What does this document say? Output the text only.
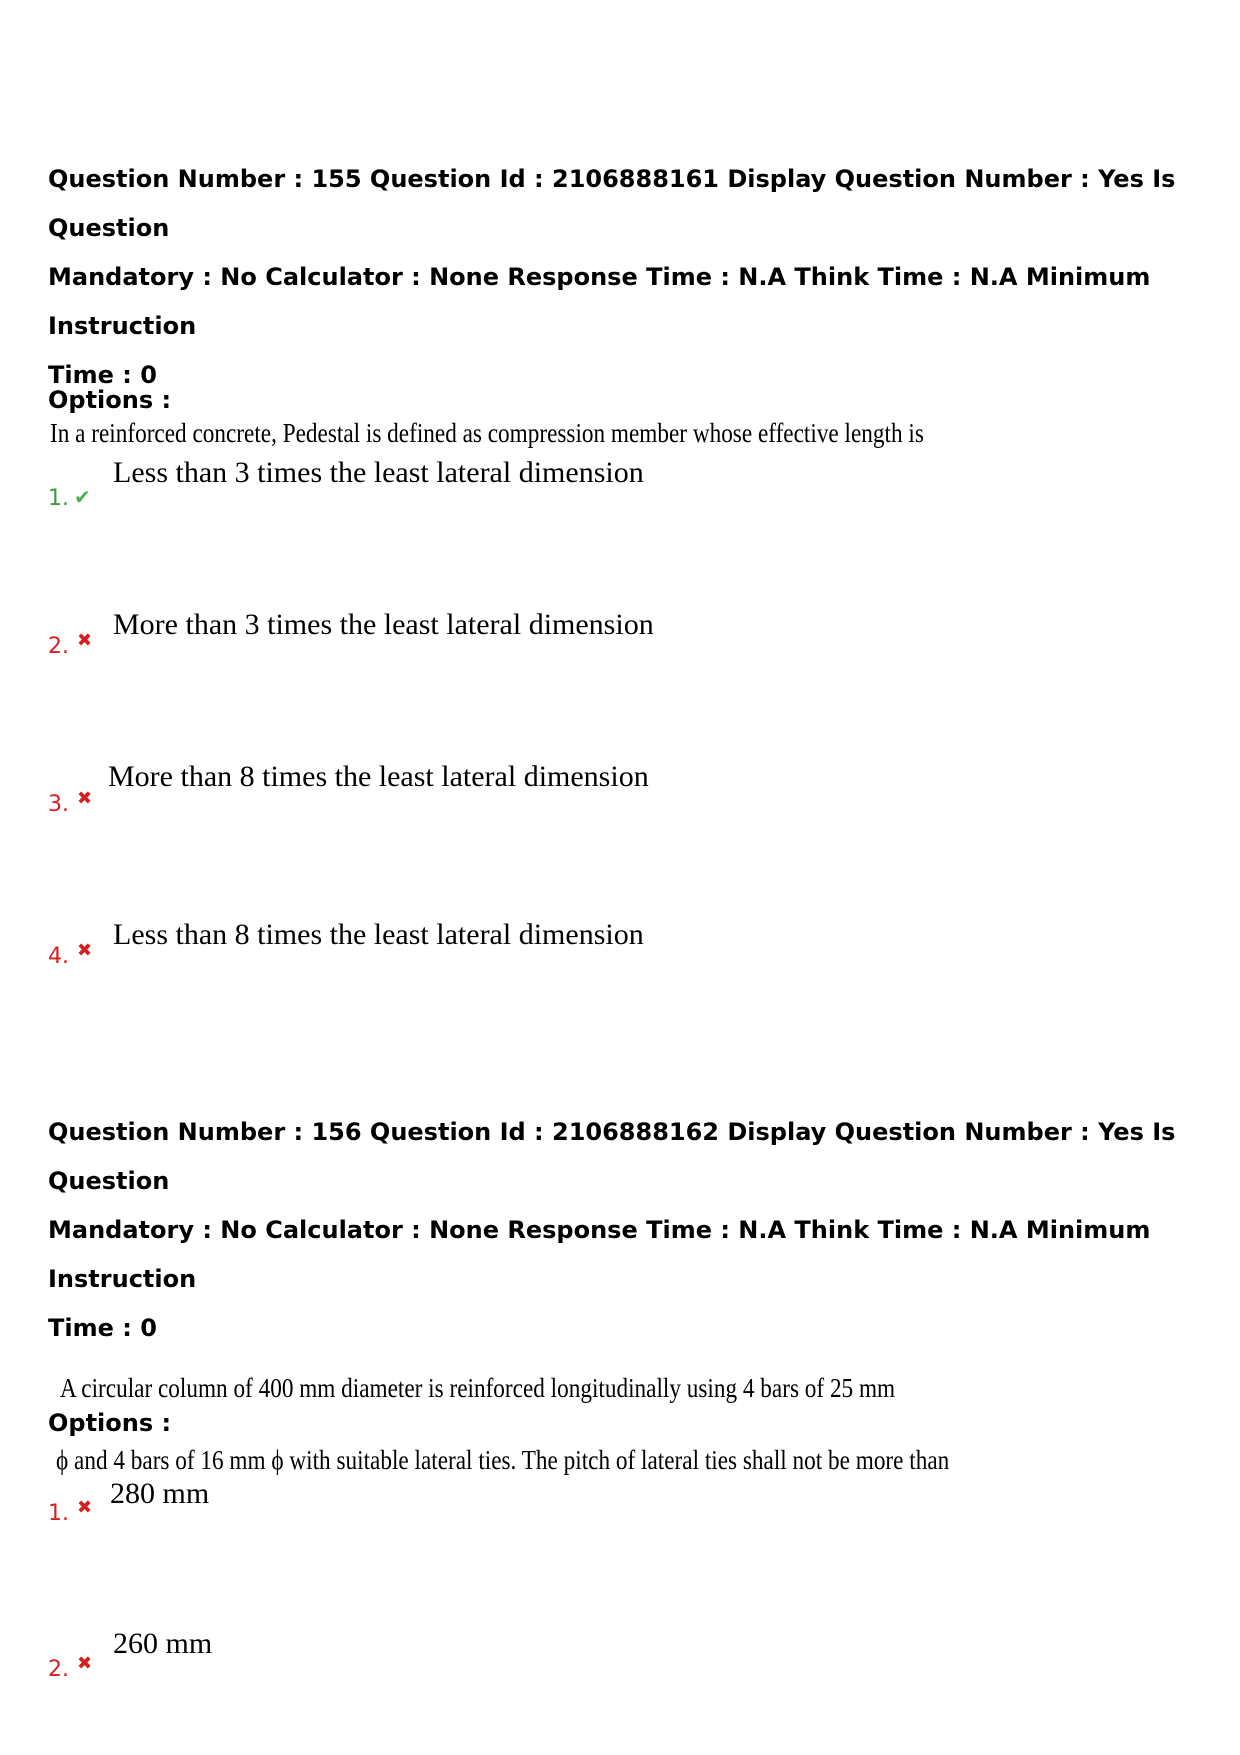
Question Number : 155 Question Id : 2106888161 Display Question Number : Yes Is Question
Mandatory : No Calculator : None Response Time : N.A Think Time : N.A Minimum Instruction
Time : 0
In a reinforced concrete, Pedestal is defined as compression member whose effective length is
Options :
Less than 3 times the least lateral dimension
1. ✔
More than 3 times the least lateral dimension
2. ✖
More than 8 times the least lateral dimension
3. ✖
Less than 8 times the least lateral dimension
4. ✖
Question Number : 156 Question Id : 2106888162 Display Question Number : Yes Is Question
Mandatory : No Calculator : None Response Time : N.A Think Time : N.A Minimum Instruction
Time : 0
A circular column of 400 mm diameter is reinforced longitudinally using 4 bars of 25 mm
ϕ and 4 bars of 16 mm ϕ with suitable lateral ties. The pitch of lateral ties shall not be more than
Options :
280 mm
1. ✖
260 mm
2. ✖
